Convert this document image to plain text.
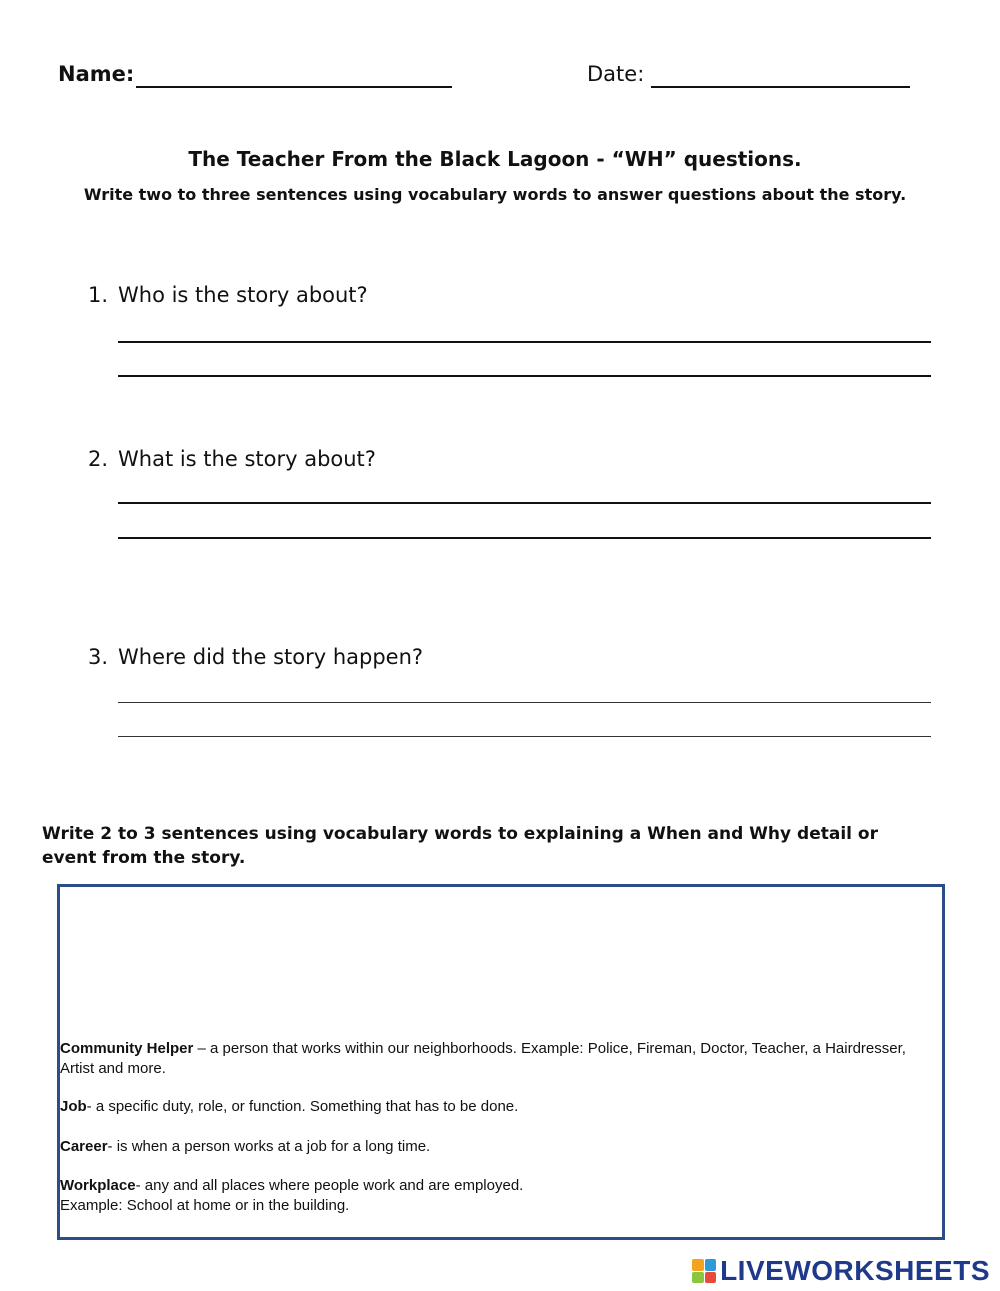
Name:	Date:
The Teacher From the Black Lagoon - “WH” questions.
Write two to three sentences using vocabulary words to answer questions about the story.
1. Who is the story about?
2. What is the story about?
3. Where did the story happen?
Write 2 to 3 sentences using vocabulary words to explaining a When and Why detail or event from the story.
Community Helper – a person that works within our neighborhoods. Example: Police, Fireman, Doctor, Teacher, a Hairdresser, Artist and more.
Job- a specific duty, role, or function. Something that has to be done.
Career- is when a person works at a job for a long time.
Workplace- any and all places where people work and are employed.
Example: School at home or in the building.
LIVEWORKSHEETS
